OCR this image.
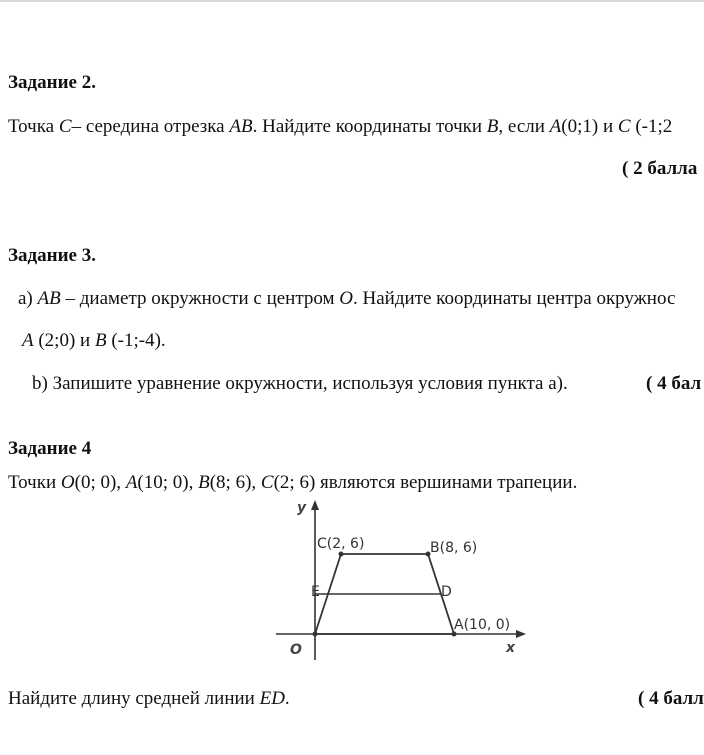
Задание 2.
Точка C– середина отрезка AB. Найдите координаты точки B, если A(0;1) и C (-1;2
( 2 балла
Задание 3.
а) AB – диаметр окружности с центром O. Найдите координаты центра окружнос
A (2;0) и B (-1;-4).
b) Запишите уравнение окружности, используя условия пункта а).	( 4 бал
Задание 4
Точки O(0; 0), A(10; 0), B(8; 6), C(2; 6) являются вершинами трапеции.
y
x
O
C(2, 6)	B(8, 6)
E	D
A(10, 0)
Найдите длину средней линии ED.	( 4 балл
